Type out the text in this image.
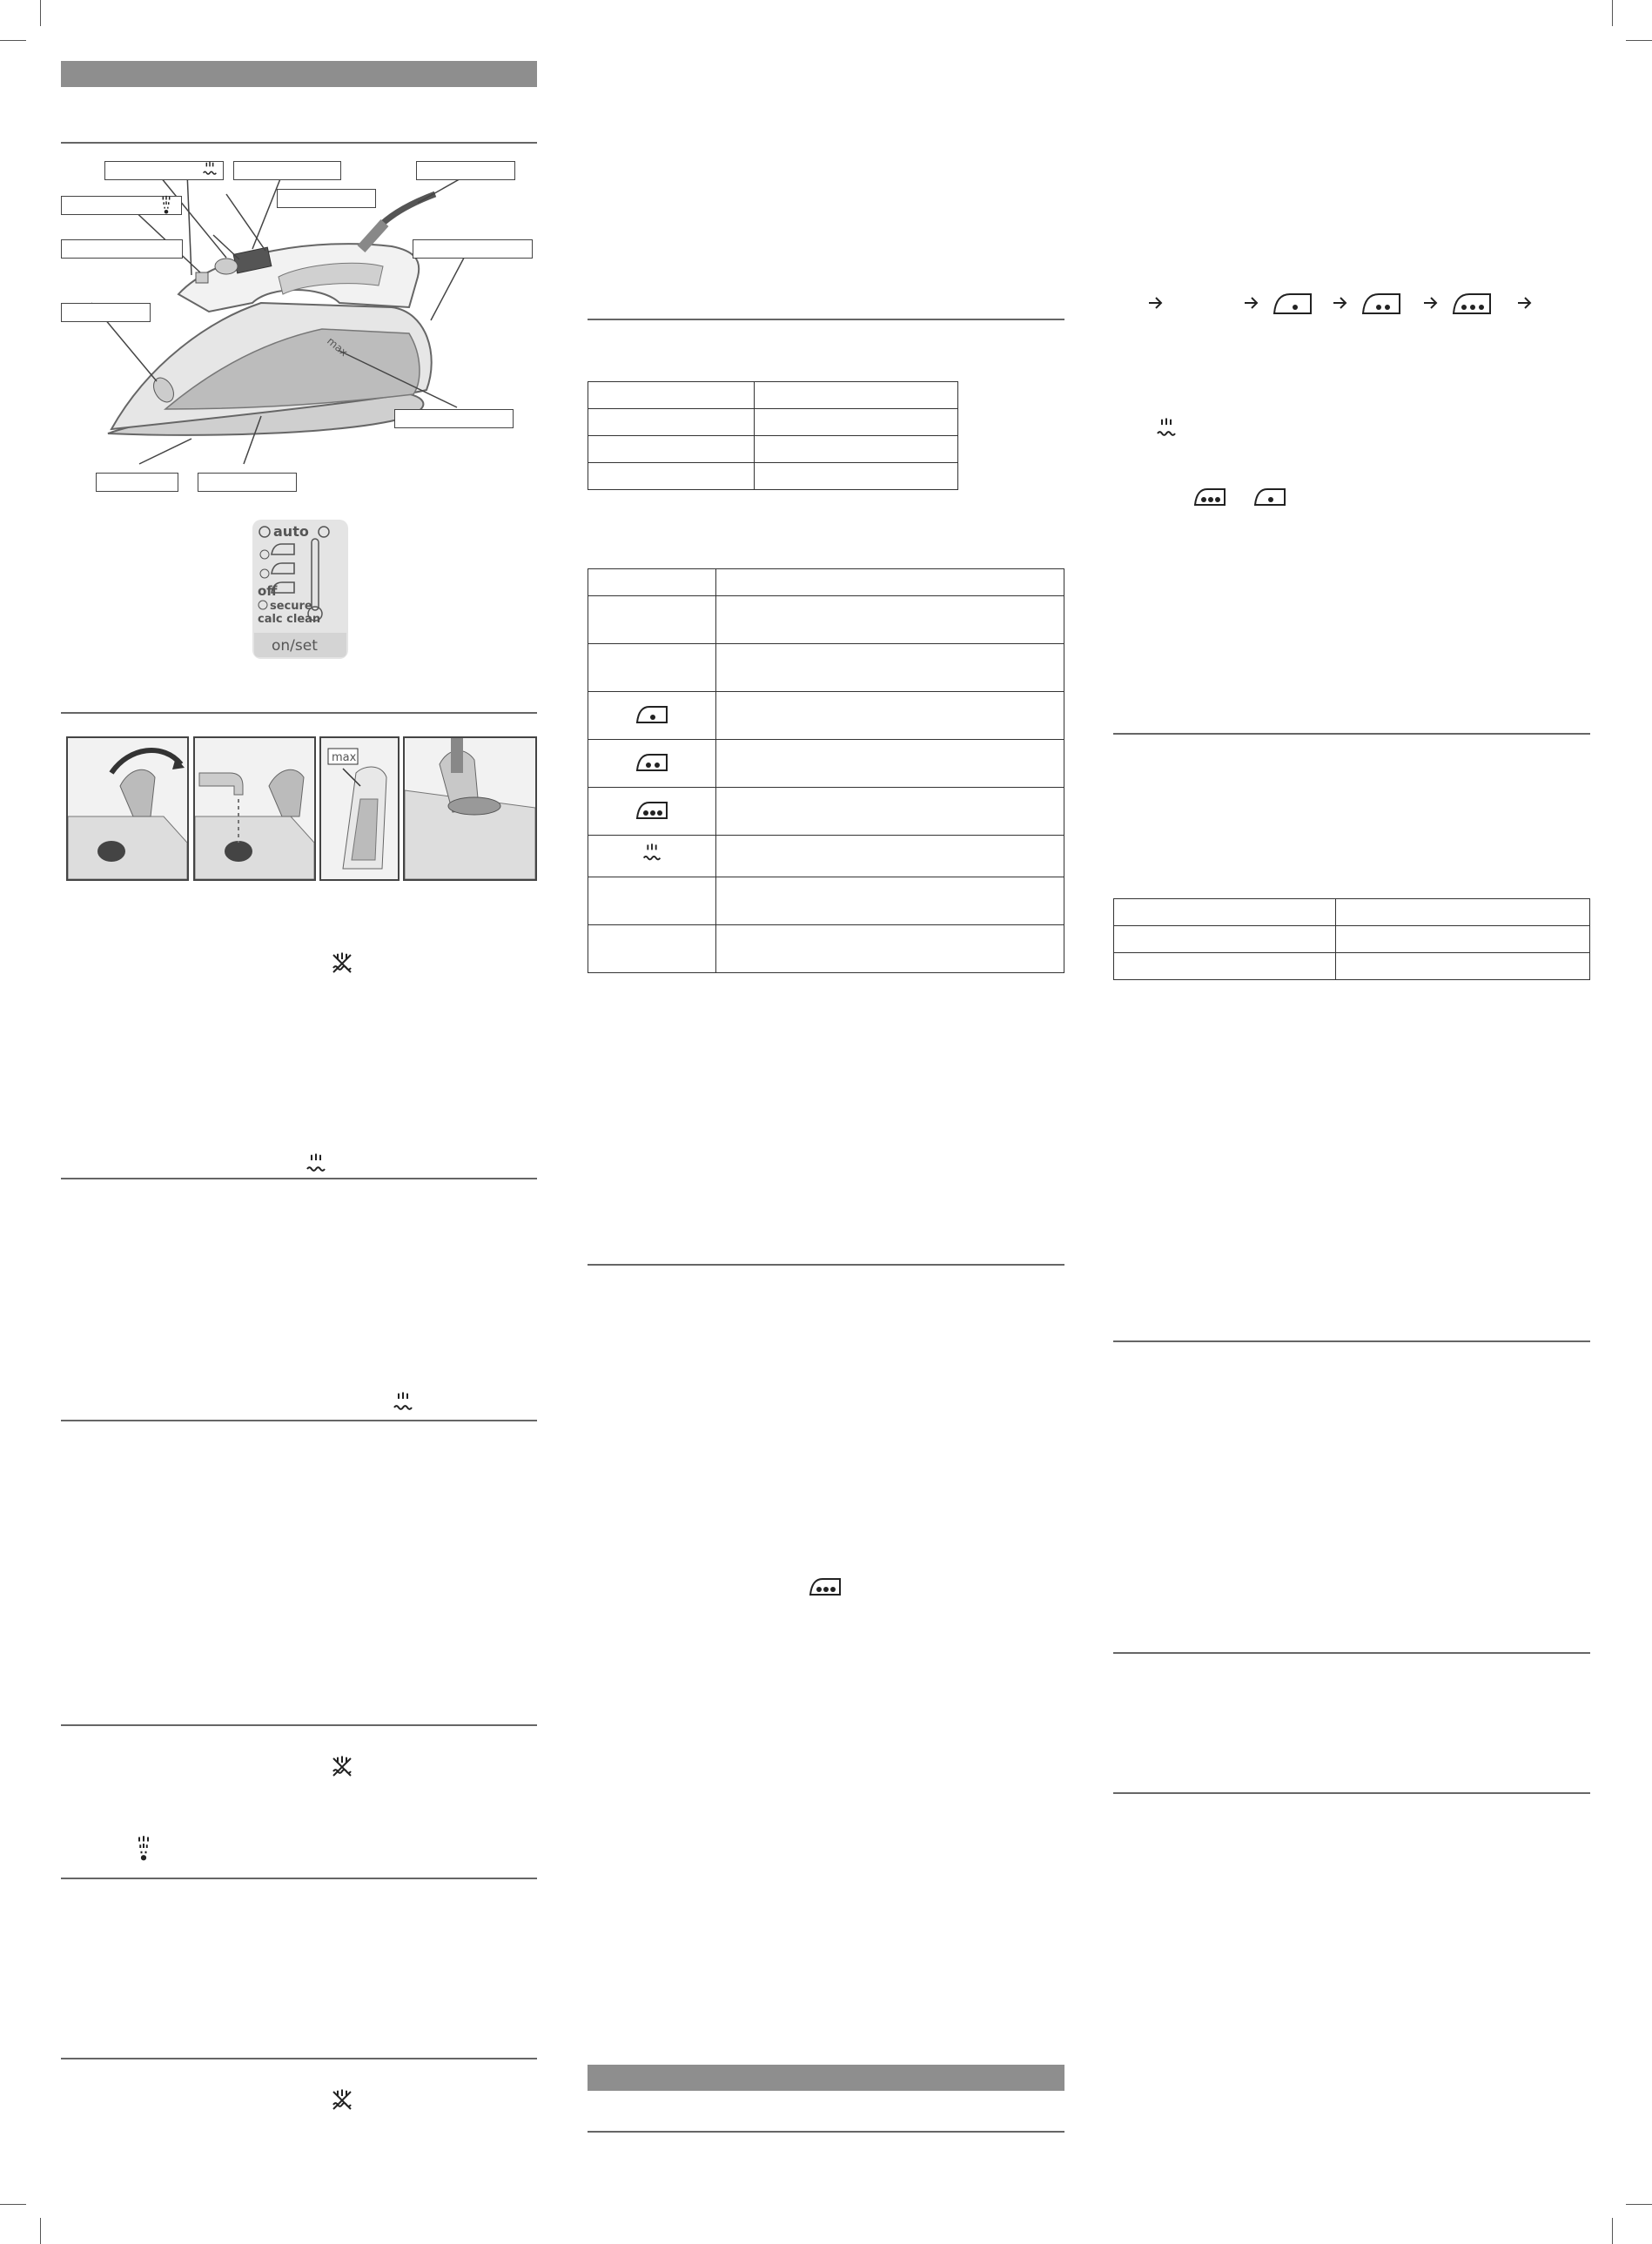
max
auto
off
secure
calc clean
on/set
max
